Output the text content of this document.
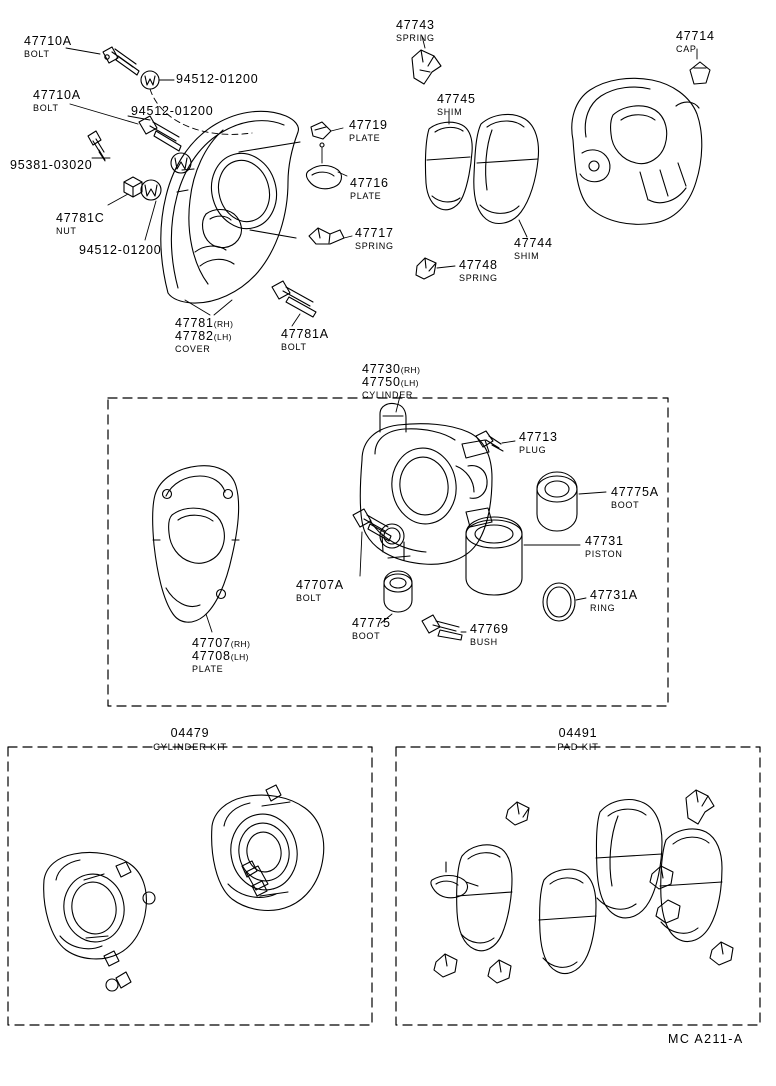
47710A
BOLT
47710A
BOLT
94512-01200
94512-01200
95381-03020
47781C
NUT
94512-01200
47781(RH)
47782(LH)
COVER
47781A
BOLT
47719
PLATE
47716
PLATE
47717
SPRING
47748
SPRING
47743
SPRING
47745
SHIM
47744
SHIM
47714
CAP
47730(RH)
47750(LH)
CYLINDER
47713
PLUG
47775A
BOOT
47731
PISTON
47731A
RING
47769
BUSH
47775
BOOT
47707A
BOLT
47707(RH)
47708(LH)
PLATE
04479
CYLINDER KIT
04491
PAD KIT
MC A211-A
